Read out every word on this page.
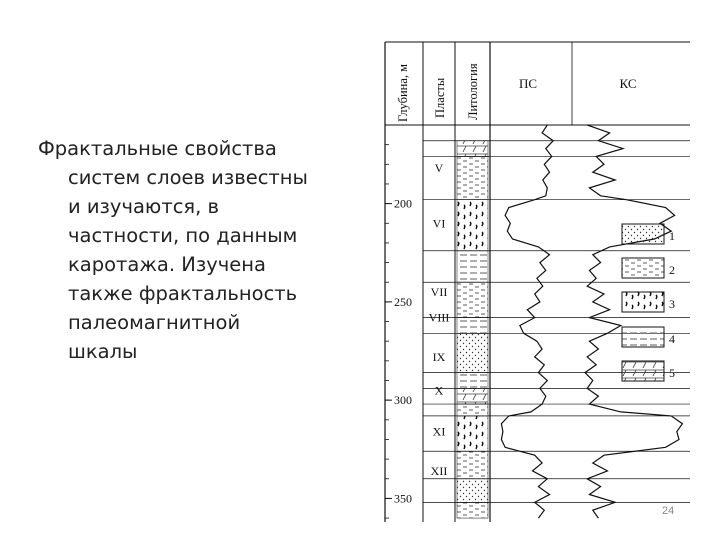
Фрактальные свойства
систем слоев известны
и изучаются, в
частности, по данным
каротажа. Изучена
также фрактальность
палеомагнитной
шкалы
Глубина, м Пласты Литология	ПС	КС
200
250
300
350
V
VI
VII
VIII
IX
X
XI
XII
1
2
3
4
5
24
